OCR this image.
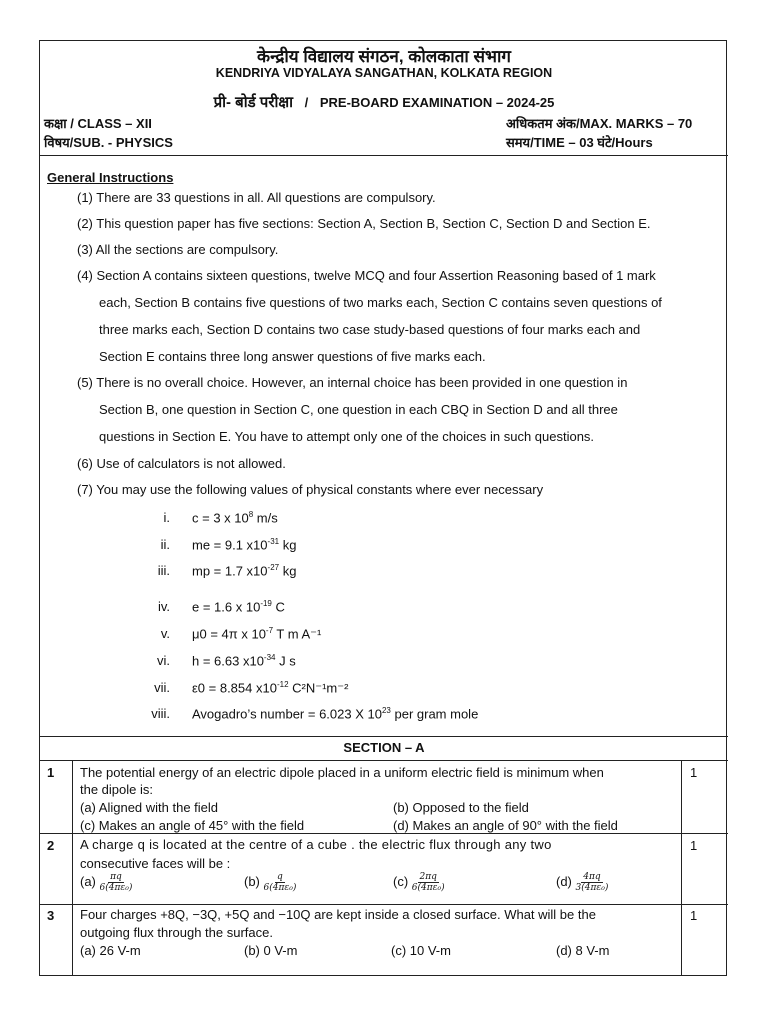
केन्द्रीय विद्यालय संगठन, कोलकाता संभाग
KENDRIYA VIDYALAYA SANGATHAN, KOLKATA REGION
प्री- बोर्ड परीक्षा / PRE-BOARD EXAMINATION – 2024-25
कक्षा / CLASS – XII	अधिकतम अंक/MAX. MARKS – 70
विषय/SUB. - PHYSICS	समय/TIME – 03 घंटे/Hours
General Instructions
(1) There are 33 questions in all. All questions are compulsory.
(2) This question paper has five sections: Section A, Section B, Section C, Section D and Section E.
(3) All the sections are compulsory.
(4) Section A contains sixteen questions, twelve MCQ and four Assertion Reasoning based of 1 mark
each, Section B contains five questions of two marks each, Section C contains seven questions of
three marks each, Section D contains two case study-based questions of four marks each and
Section E contains three long answer questions of five marks each.
(5) There is no overall choice. However, an internal choice has been provided in one question in
Section B, one question in Section C, one question in each CBQ in Section D and all three
questions in Section E. You have to attempt only one of the choices in such questions.
(6) Use of calculators is not allowed.
(7) You may use the following values of physical constants where ever necessary
i. c = 3 x $10^8$ m/s
ii. me = 9.1 $x10^{-31}$ kg
iii. mp = 1.7 $x10^{-27}$ kg
iv. e = 1.6 x $10^{-19}$ C
v. μ0 = 4π x $10^{-7}$ T m A⁻¹
vi. h = 6.63 $x10^{-34}$ J s
vii. ε0 = 8.854 $x10^{-12}$ C²N⁻¹m⁻²
viii. Avogadro’s number = 6.023 X $10^{23}$ per gram mole
SECTION – A
1 The potential energy of an electric dipole placed in a uniform electric field is minimum when
the dipole is:
(a) Aligned with the field	(b) Opposed to the field
(c) Makes an angle of 45° with the field	(d) Makes an angle of 90° with the field
1
2 A charge q is located at the centre of a cube . the electric flux through any two
consecutive faces will be :
$(a) \frac{\pi q}{\text{6(4πε₀)}}$	$(b) \frac{q}{\text{6(4πε₀)}}$	$(c) \frac{2\pi q}{\text{6(4πε₀)}}$	$(d) \frac{4\pi q}{\text{3(4πε₀)}}$
1
3 Four charges +8Q, −3Q, +5Q and −10Q are kept inside a closed surface. What will be the
outgoing flux through the surface.
(a) 26 V-m	(b) 0 V-m	(c) 10 V-m	(d) 8 V-m
1
